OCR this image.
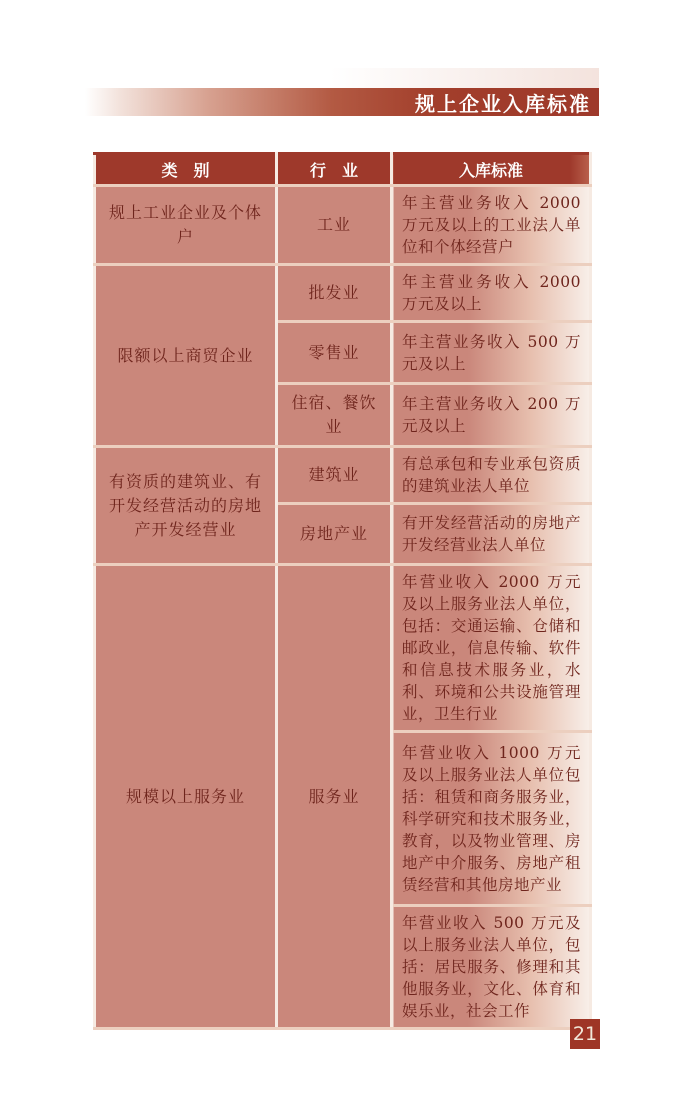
规上企业入库标准
类　别	行　业	入库标准
规上工业企业及个体户	工业	年主营业务收入 2000 万元及以上的工业法人单位和个体经营户
限额以上商贸企业	批发业	年主营业务收入 2000 万元及以上
	零售业	年主营业务收入 500 万元及以上
	住宿、餐饮业	年主营业务收入 200 万元及以上
有资质的建筑业、有开发经营活动的房地产开发经营业	建筑业	有总承包和专业承包资质的建筑业法人单位
	房地产业	有开发经营活动的房地产开发经营业法人单位
规模以上服务业	服务业	年营业收入 2000 万元及以上服务业法人单位，包括：交通运输、仓储和邮政业，信息传输、软件和信息技术服务业，水利、环境和公共设施管理业，卫生行业
		年营业收入 1000 万元及以上服务业法人单位包括：租赁和商务服务业，科学研究和技术服务业，教育，以及物业管理、房地产中介服务、房地产租赁经营和其他房地产业
		年营业收入 500 万元及以上服务业法人单位，包括：居民服务、修理和其他服务业，文化、体育和娱乐业，社会工作
21
